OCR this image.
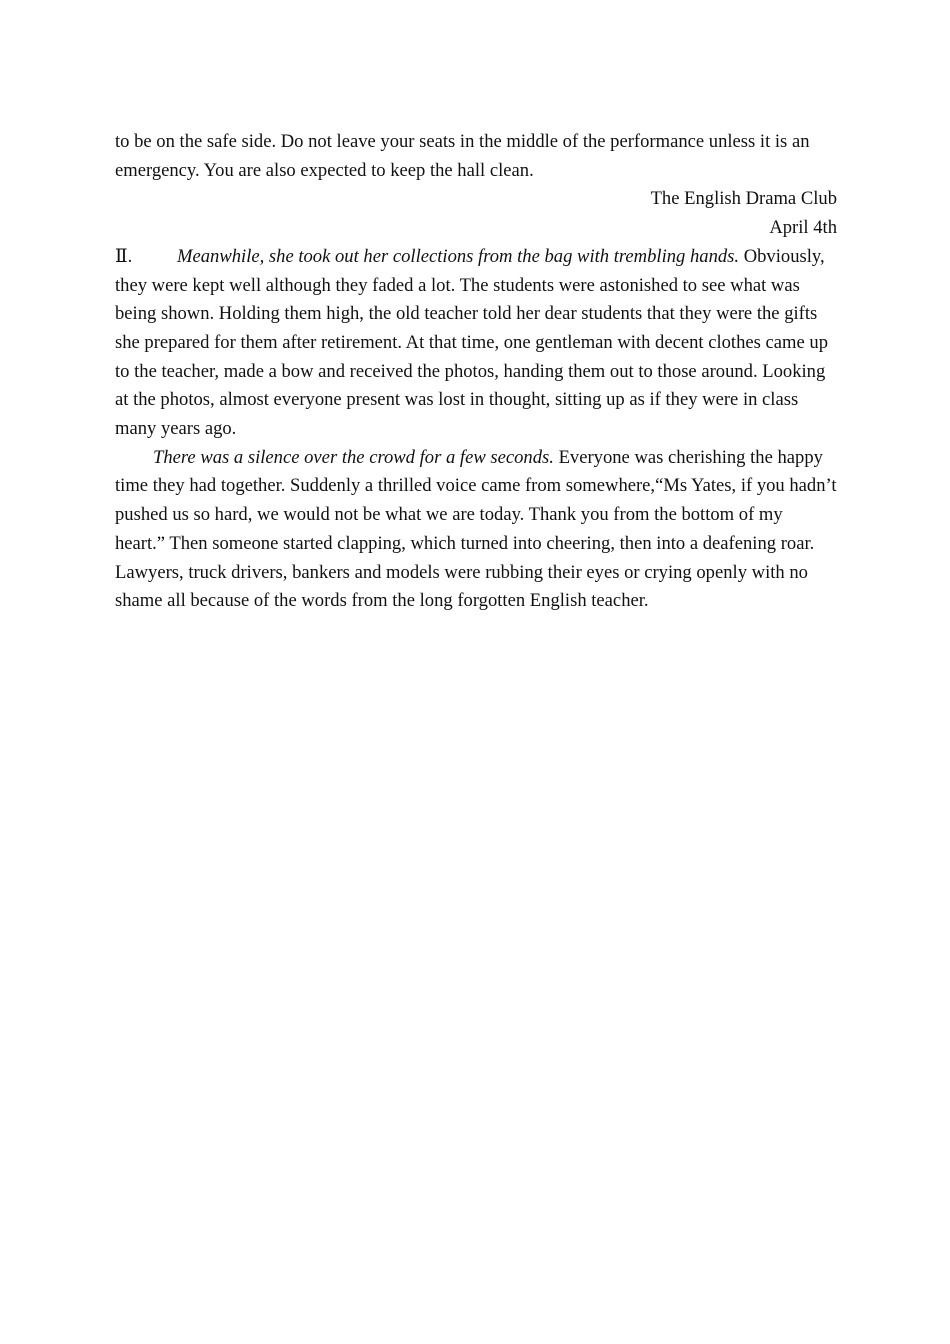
to be on the safe side. Do not leave your seats in the middle of the performance unless it is an emergency. You are also expected to keep the hall clean.

The English Drama Club

April 4th

Ⅱ. Meanwhile, she took out her collections from the bag with trembling hands. Obviously, they were kept well although they faded a lot. The students were astonished to see what was being shown. Holding them high, the old teacher told her dear students that they were the gifts she prepared for them after retirement. At that time, one gentleman with decent clothes came up to the teacher, made a bow and received the photos, handing them out to those around. Looking at the photos, almost everyone present was lost in thought, sitting up as if they were in class many years ago.

There was a silence over the crowd for a few seconds. Everyone was cherishing the happy time they had together. Suddenly a thrilled voice came from somewhere,“Ms Yates, if you hadn’t pushed us so hard, we would not be what we are today. Thank you from the bottom of my heart.” Then someone started clapping, which turned into cheering, then into a deafening roar. Lawyers, truck drivers, bankers and models were rubbing their eyes or crying openly with no shame all because of the words from the long forgotten English teacher.
